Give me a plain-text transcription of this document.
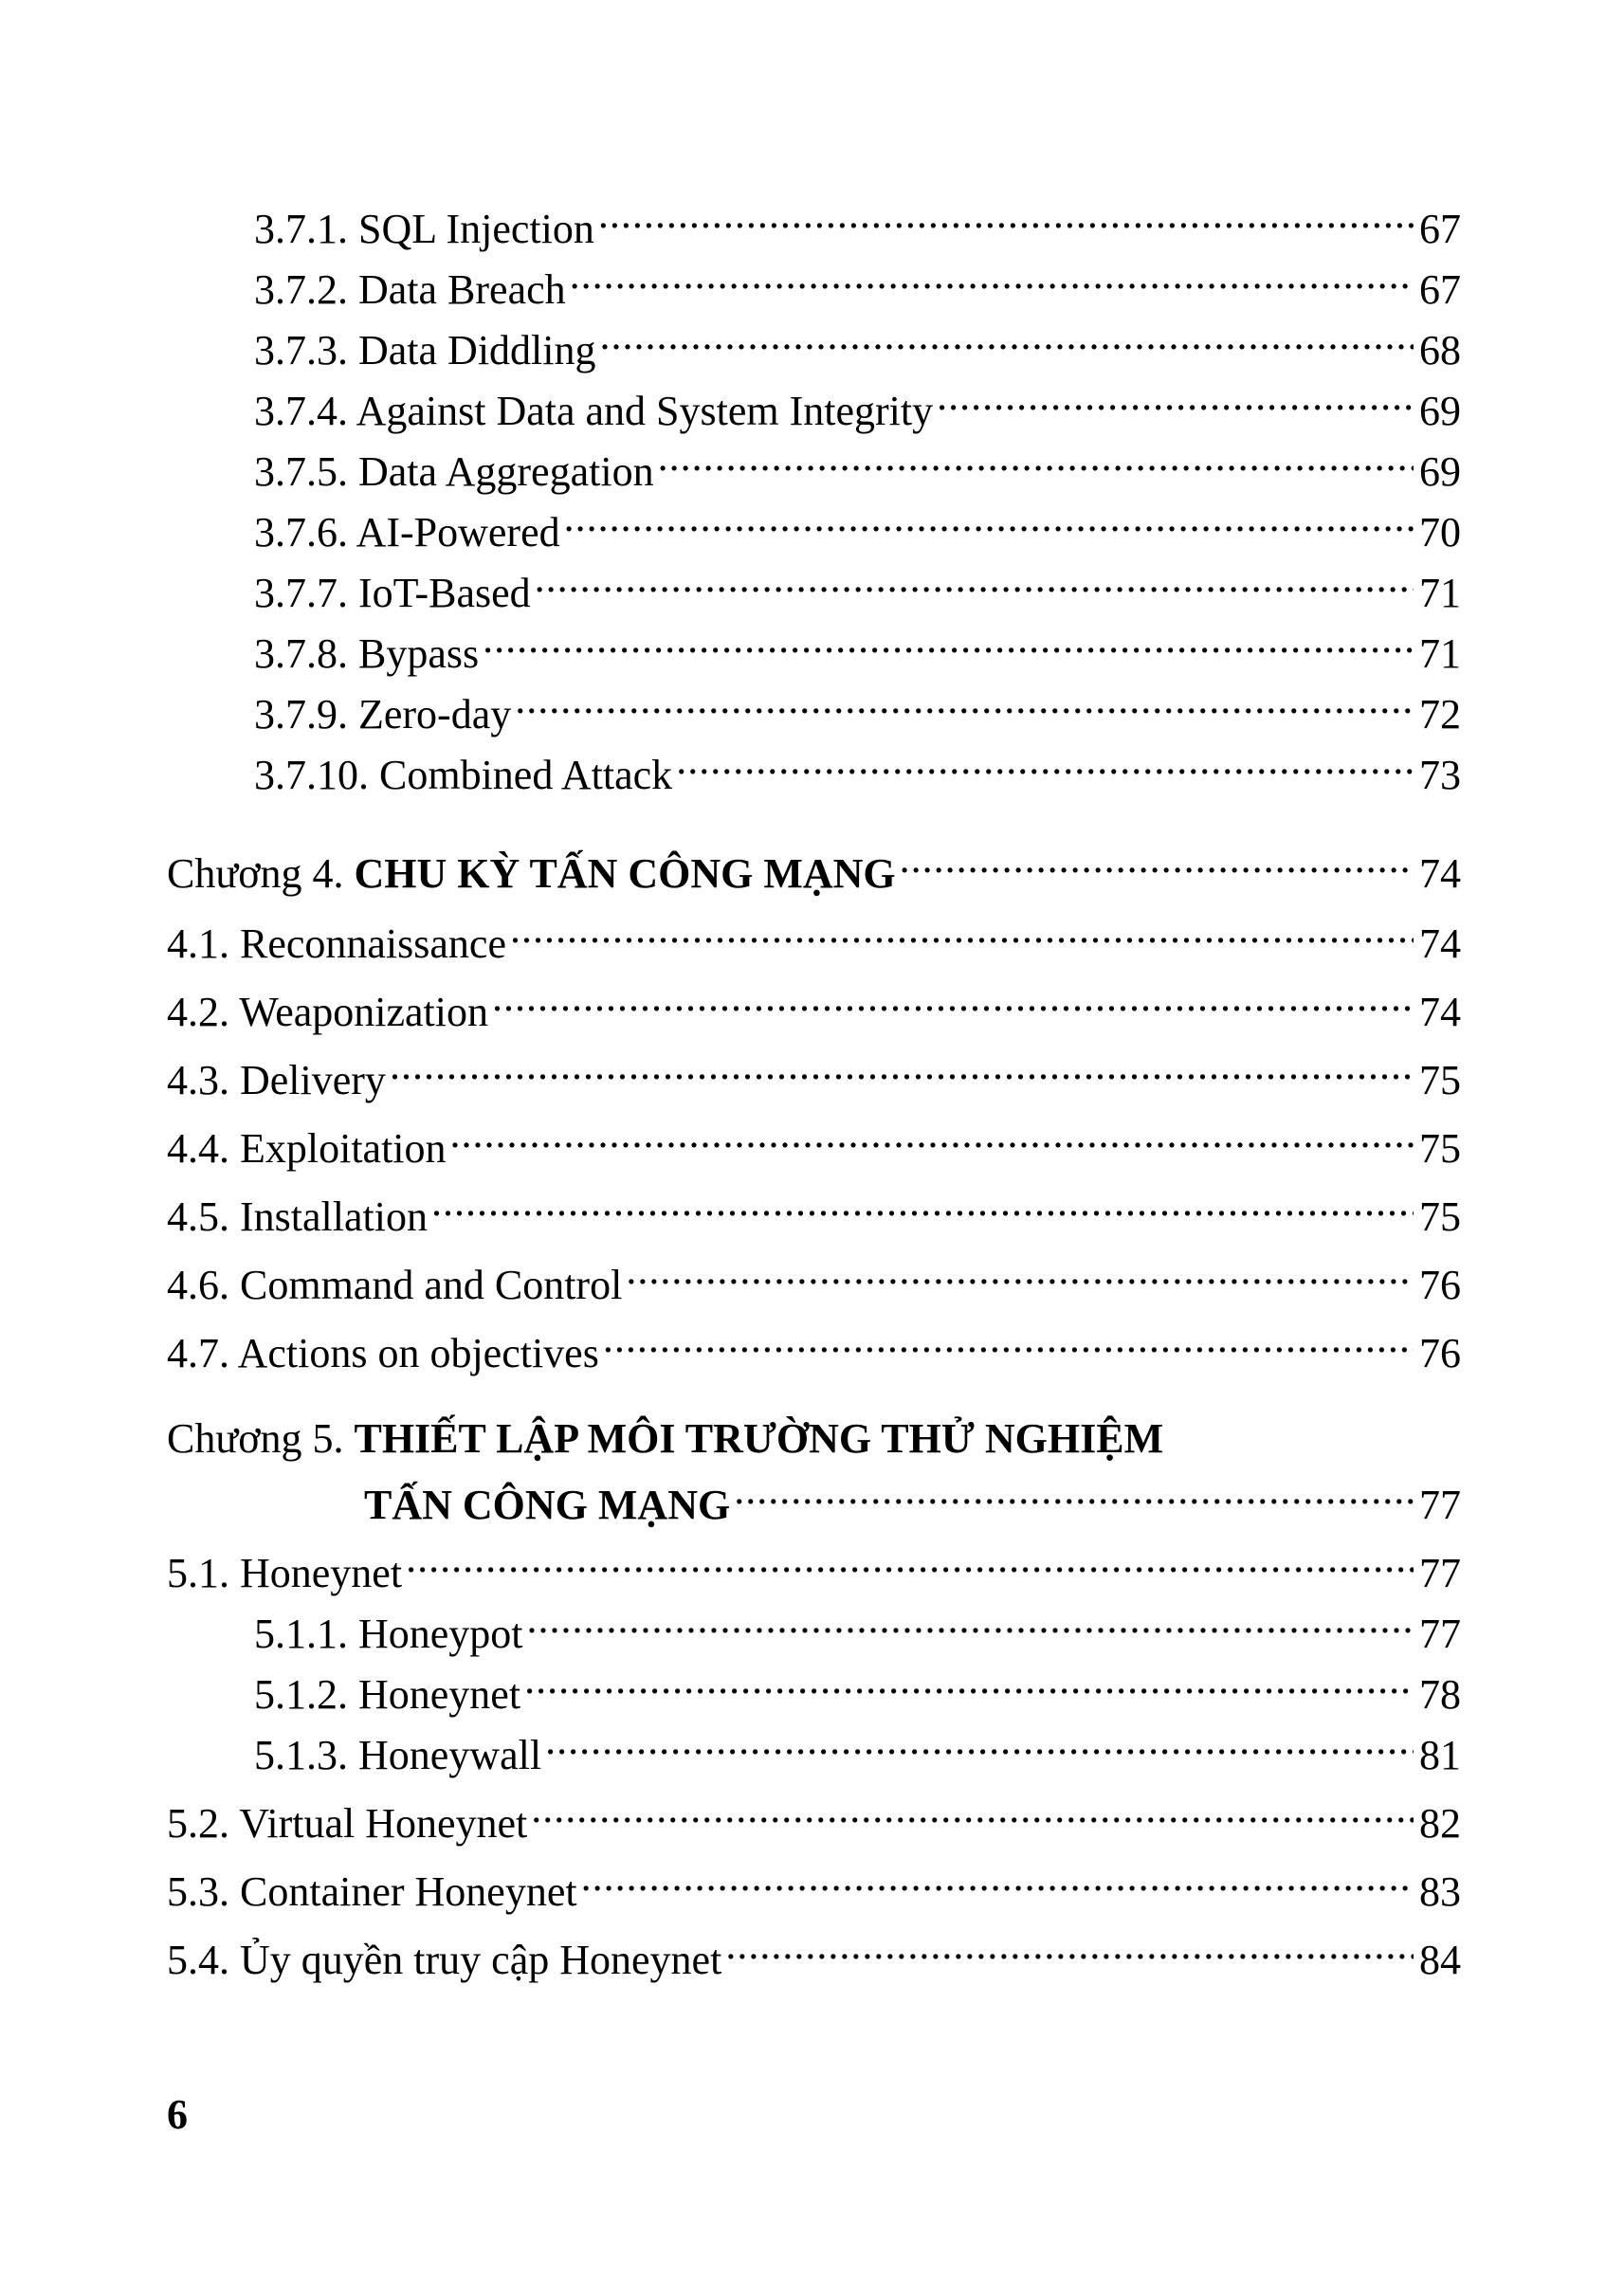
3.7.1. SQL Injection .....	67
3.7.2. Data Breach .....	67
3.7.3. Data Diddling .....	68
3.7.4. Against Data and System Integrity .....	69
3.7.5. Data Aggregation .....	69
3.7.6. AI-Powered .....	70
3.7.7. IoT-Based .....	71
3.7.8. Bypass .....	71
3.7.9. Zero-day .....	72
3.7.10. Combined Attack .....	73
Chương 4. CHU KỲ TẤN CÔNG MẠNG .....	74
4.1. Reconnaissance .....	74
4.2. Weaponization .....	74
4.3. Delivery .....	75
4.4. Exploitation .....	75
4.5. Installation .....	75
4.6. Command and Control .....	76
4.7. Actions on objectives .....	76
Chương 5. THIẾT LẬP MÔI TRƯỜNG THỬ NGHIỆM
TẤN CÔNG MẠNG .....	77
5.1. Honeynet .....	77
5.1.1. Honeypot .....	77
5.1.2. Honeynet .....	78
5.1.3. Honeywall .....	81
5.2. Virtual Honeynet .....	82
5.3. Container Honeynet .....	83
5.4. Ủy quyền truy cập Honeynet .....	84
6
